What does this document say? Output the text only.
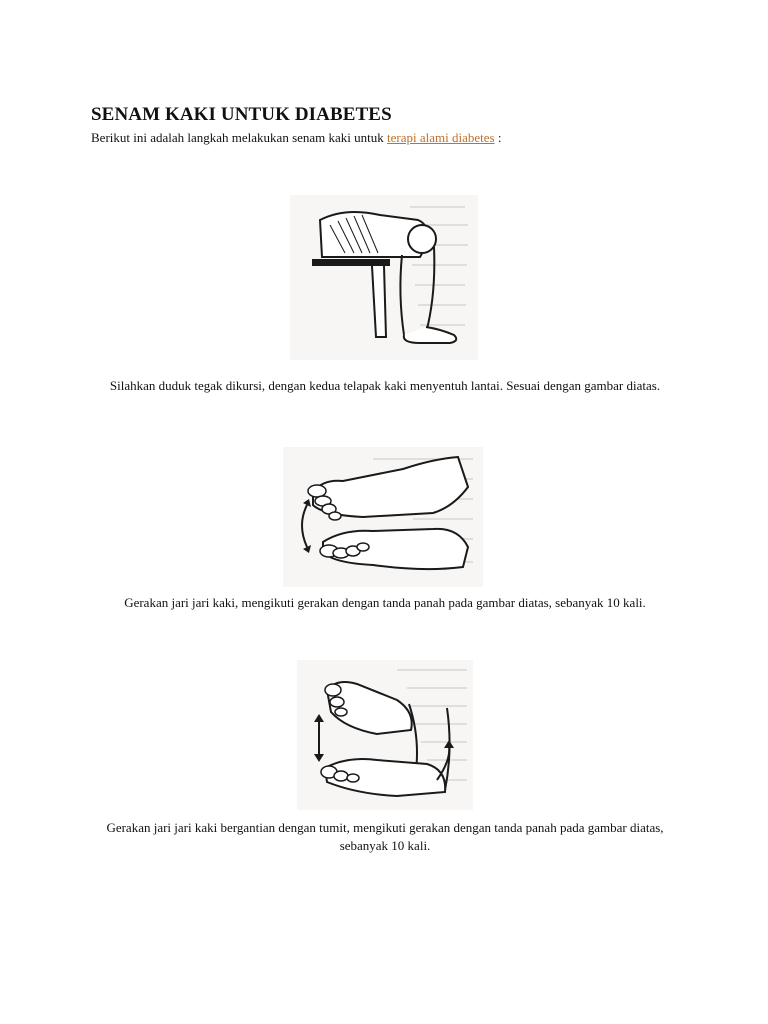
SENAM KAKI UNTUK DIABETES
Berikut ini adalah langkah melakukan senam kaki untuk terapi alami diabetes :
Silahkan duduk tegak dikursi, dengan kedua telapak kaki menyentuh lantai. Sesuai dengan gambar diatas.
Gerakan jari jari kaki, mengikuti gerakan dengan tanda panah pada gambar diatas, sebanyak 10 kali.
Gerakan jari jari kaki bergantian dengan tumit, mengikuti gerakan dengan tanda panah pada gambar diatas, sebanyak 10 kali.
